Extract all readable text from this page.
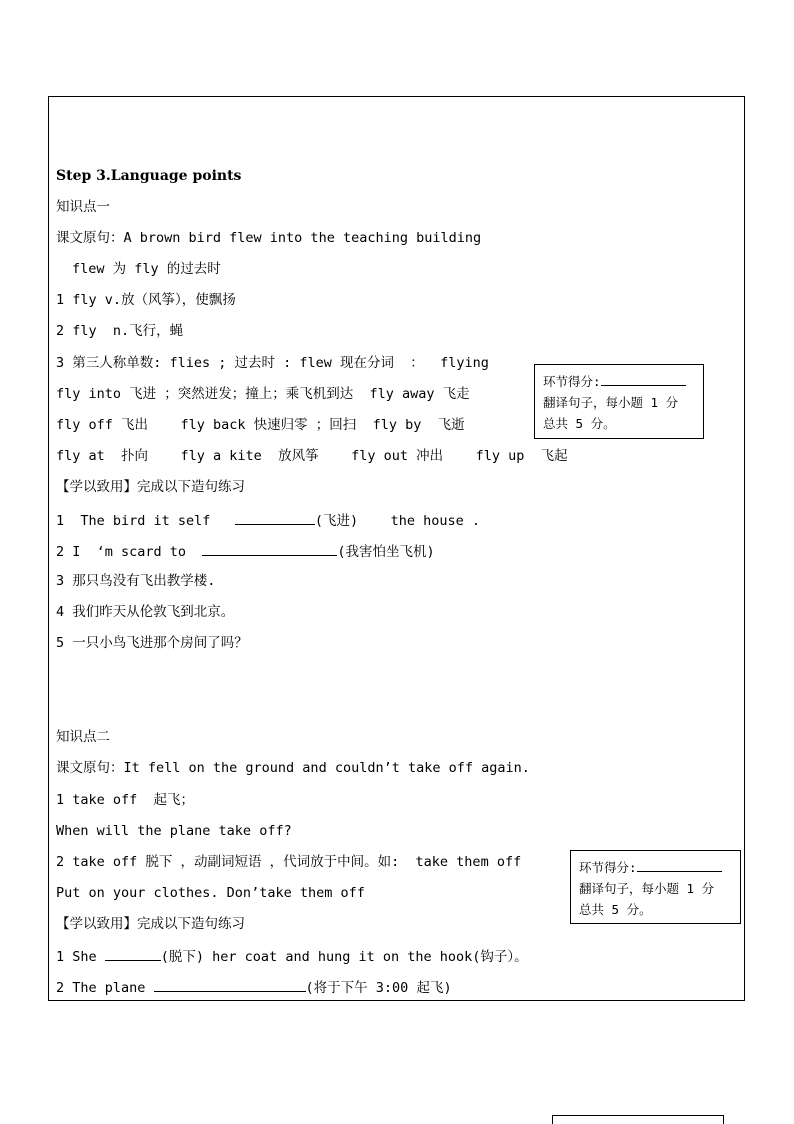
Step 3.Language points
知识点一
课文原句：A brown bird flew into the teaching building
flew 为 fly 的过去时
1 fly v.放（风筝），使飘扬
2 fly  n.飞行，蝇
3 第三人称单数: flies ; 过去时 : flew 现在分词  ：  flying
fly into 飞进 ；突然迸发；撞上；乘飞机到达  fly away 飞走
fly off 飞出    fly back 快速归零 ；回扫  fly by  飞逝
fly at  扑向    fly a kite  放风筝    fly out 冲出    fly up  飞起
【学以致用】完成以下造句练习
1  The bird it self	(飞进)    the house .
2 I  ‘m scard to	(我害怕坐飞机)
3 那只鸟没有飞出教学楼.
4 我们昨天从伦敦飞到北京。
5 一只小鸟飞进那个房间了吗？
知识点二
课文原句：It fell on the ground and couldn’t take off again.
1 take off  起飞；
When will the plane take off?
2 take off 脱下 ，动副词短语 ，代词放于中间。如:  take them off
Put on your clothes. Don’take them off
【学以致用】完成以下造句练习
1 She	(脱下) her coat and hung it on the hook(钩子）。
2 The plane	(将于下午 3:00 起飞)
环节得分:
翻译句子，每小题 1 分
总共 5 分。
环节得分:
翻译句子，每小题 1 分
总共 5 分。
